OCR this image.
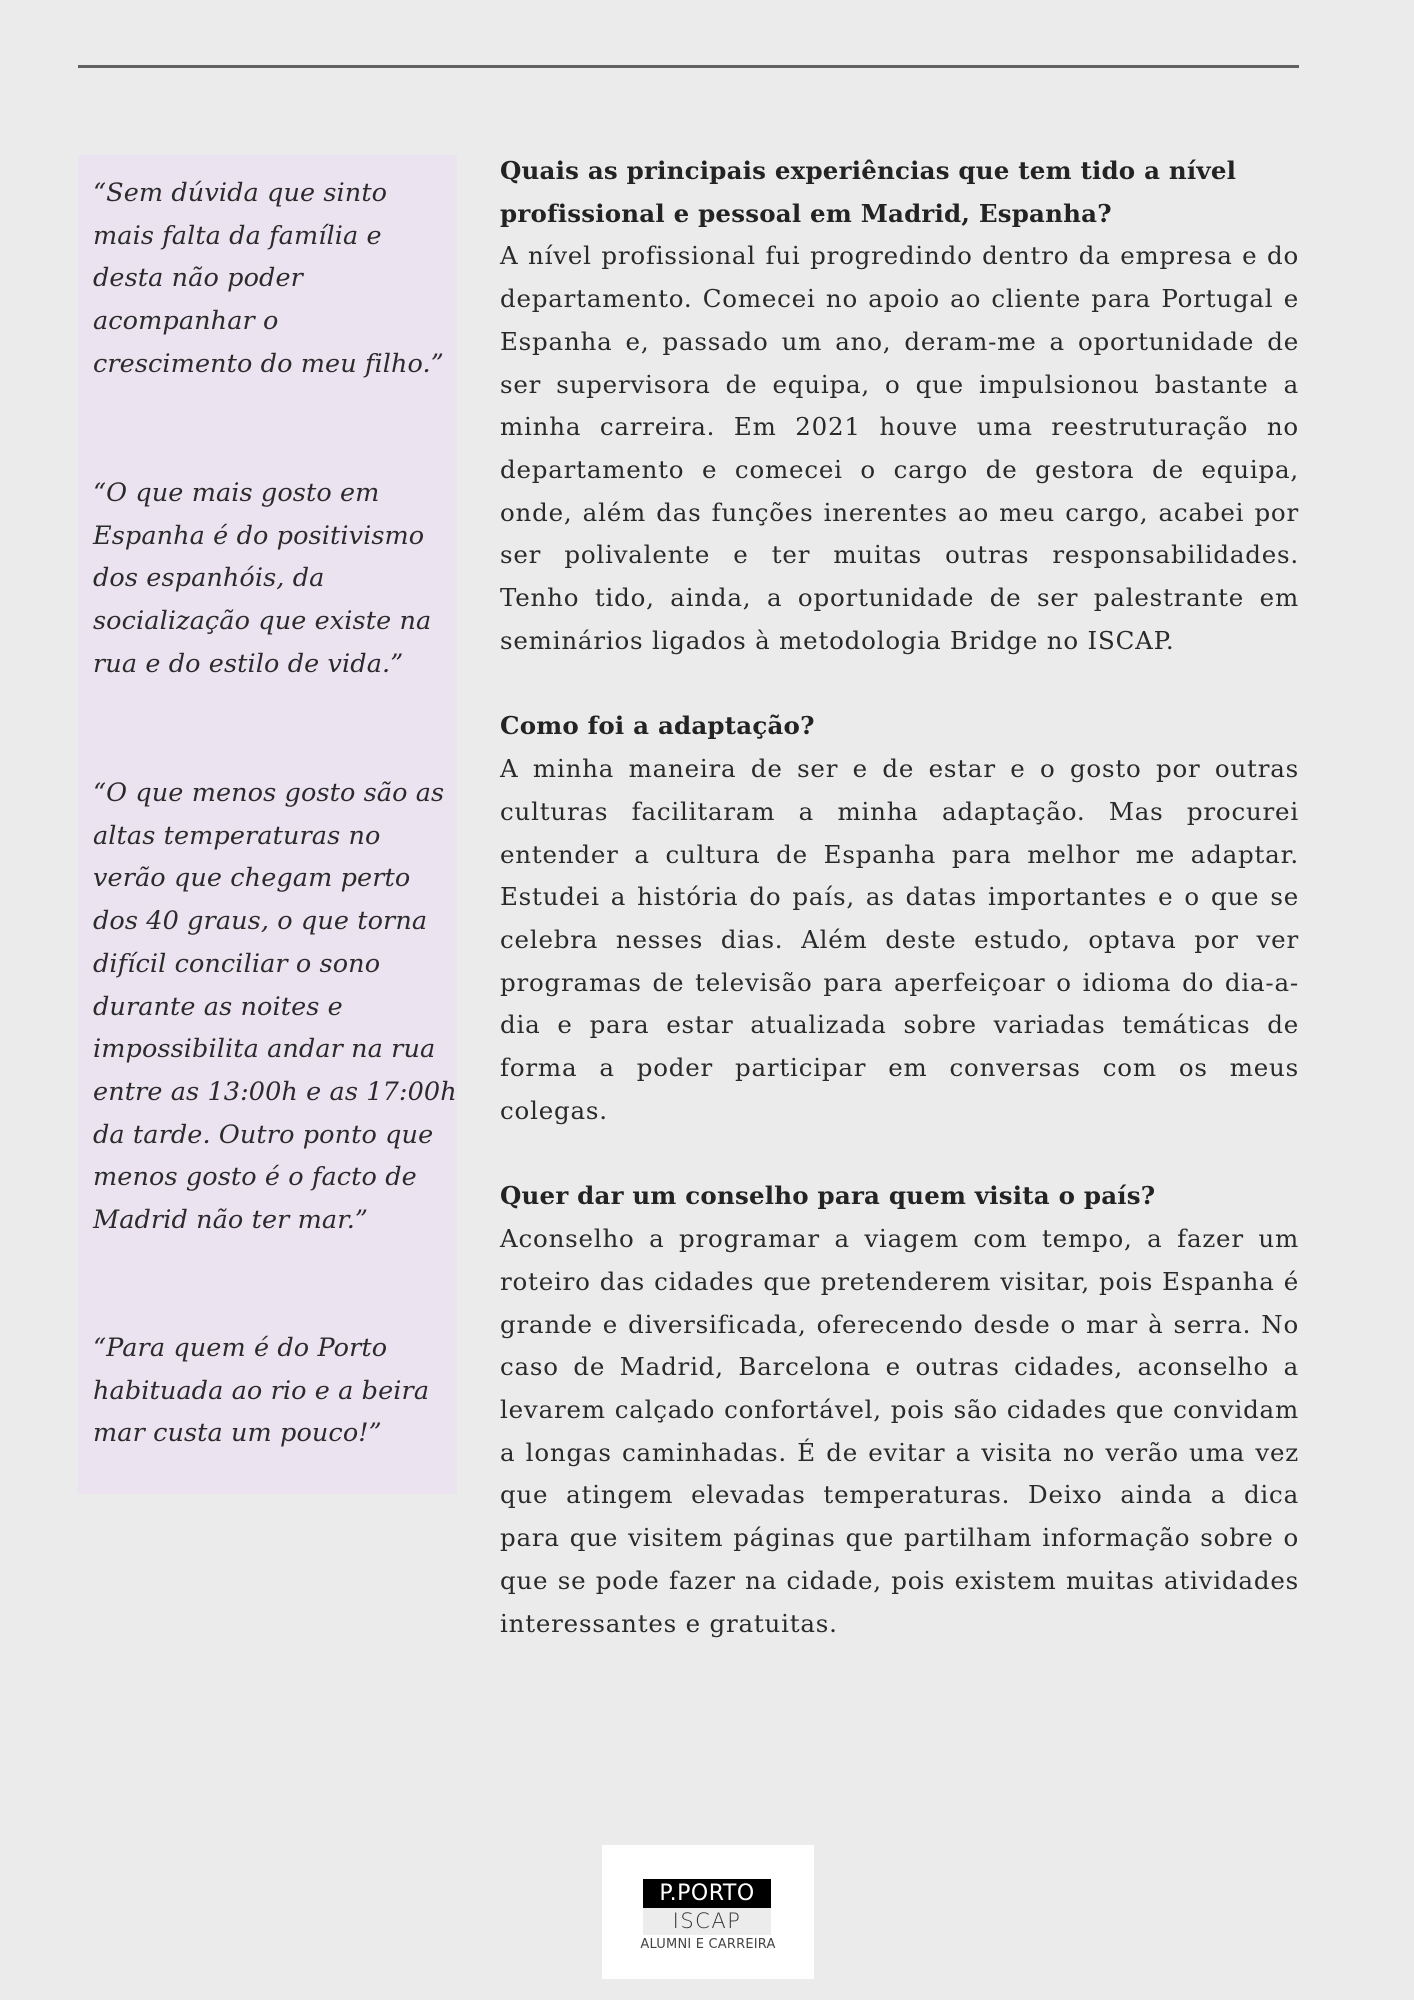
“Sem dúvida que sinto
mais falta da família e
desta não poder
acompanhar o
crescimento do meu filho.”

“O que mais gosto em
Espanha é do positivismo
dos espanhóis, da
socialização que existe na
rua e do estilo de vida.”

“O que menos gosto são as
altas temperaturas no
verão que chegam perto
dos 40 graus, o que torna
difícil conciliar o sono
durante as noites e
impossibilita andar na rua
entre as 13:00h e as 17:00h
da tarde. Outro ponto que
menos gosto é o facto de
Madrid não ter mar.”

“Para quem é do Porto
habituada ao rio e a beira
mar custa um pouco!”

Quais as principais experiências que tem tido a nível profissional e pessoal em Madrid, Espanha?

A nível profissional fui progredindo dentro da empresa e do departamento. Comecei no apoio ao cliente para Portugal e Espanha e, passado um ano, deram-me a oportunidade de ser supervisora de equipa, o que impulsionou bastante a minha carreira. Em 2021 houve uma reestruturação no departamento e comecei o cargo de gestora de equipa, onde, além das funções inerentes ao meu cargo, acabei por ser polivalente e ter muitas outras responsabilidades. Tenho tido, ainda, a oportunidade de ser palestrante em seminários ligados à metodologia Bridge no ISCAP.

Como foi a adaptação?

A minha maneira de ser e de estar e o gosto por outras culturas facilitaram a minha adaptação. Mas procurei entender a cultura de Espanha para melhor me adaptar. Estudei a história do país, as datas importantes e o que se celebra nesses dias. Além deste estudo, optava por ver programas de televisão para aperfeiçoar o idioma do dia-a-dia e para estar atualizada sobre variadas temáticas de forma a poder participar em conversas com os meus colegas.

Quer dar um conselho para quem visita o país?

Aconselho a programar a viagem com tempo, a fazer um roteiro das cidades que pretenderem visitar, pois Espanha é grande e diversificada, oferecendo desde o mar à serra. No caso de Madrid, Barcelona e outras cidades, aconselho a levarem calçado confortável, pois são cidades que convidam a longas caminhadas. É de evitar a visita no verão uma vez que atingem elevadas temperaturas. Deixo ainda a dica para que visitem páginas que partilham informação sobre o que se pode fazer na cidade, pois existem muitas atividades interessantes e gratuitas.

P.PORTO
ISCAP
ALUMNI E CARREIRA
